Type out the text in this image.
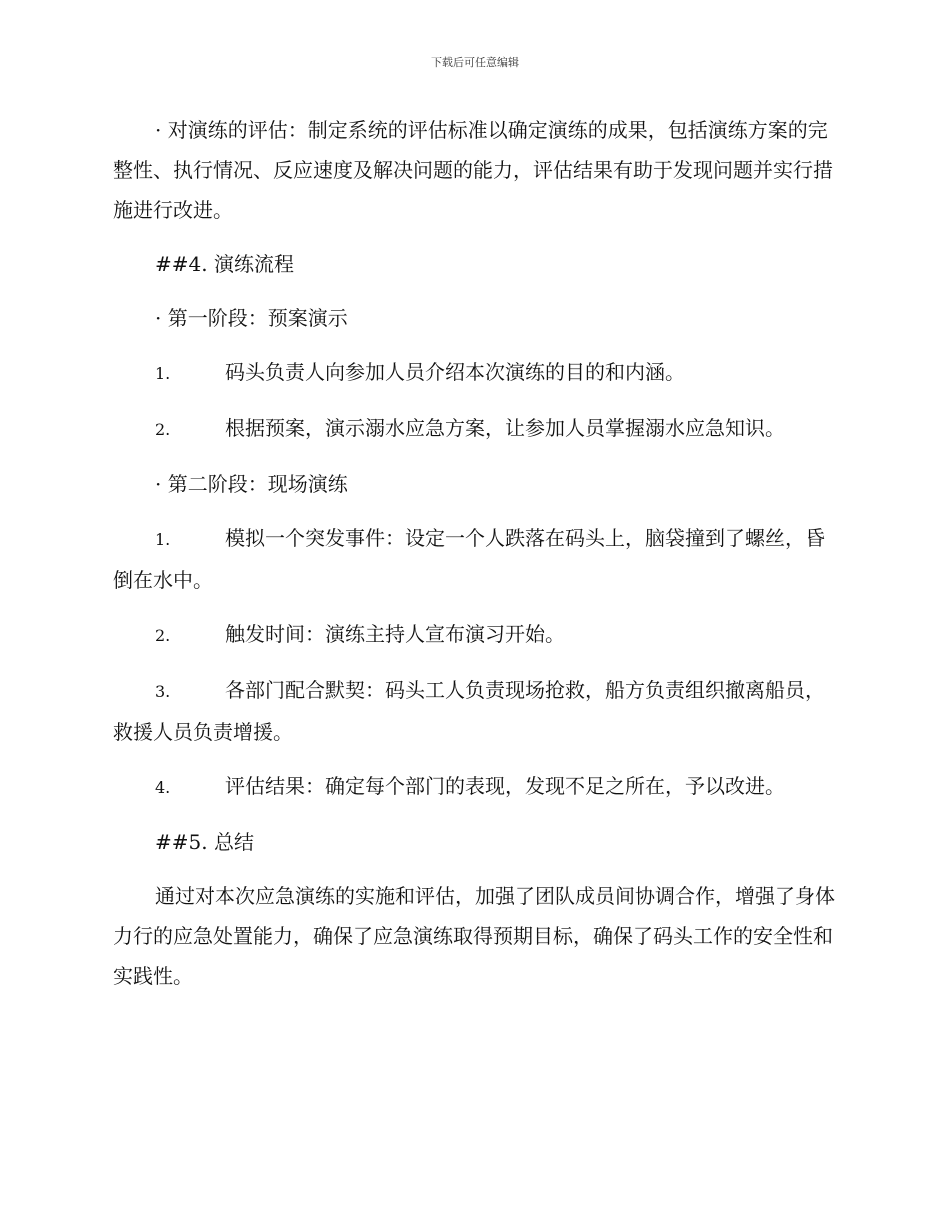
下载后可任意编辑

· 对演练的评估：制定系统的评估标准以确定演练的成果，包括演练方案的完整性、执行情况、反应速度及解决问题的能力，评估结果有助于发现问题并实行措施进行改进。

##4. 演练流程

· 第一阶段：预案演示

1.	码头负责人向参加人员介绍本次演练的目的和内涵。

2.	根据预案，演示溺水应急方案，让参加人员掌握溺水应急知识。

· 第二阶段：现场演练

1.	模拟一个突发事件：设定一个人跌落在码头上，脑袋撞到了螺丝，昏倒在水中。

2.	触发时间：演练主持人宣布演习开始。

3.	各部门配合默契：码头工人负责现场抢救，船方负责组织撤离船员，救援人员负责增援。

4.	评估结果：确定每个部门的表现，发现不足之所在，予以改进。

##5. 总结

通过对本次应急演练的实施和评估，加强了团队成员间协调合作，增强了身体力行的应急处置能力，确保了应急演练取得预期目标，确保了码头工作的安全性和实践性。
